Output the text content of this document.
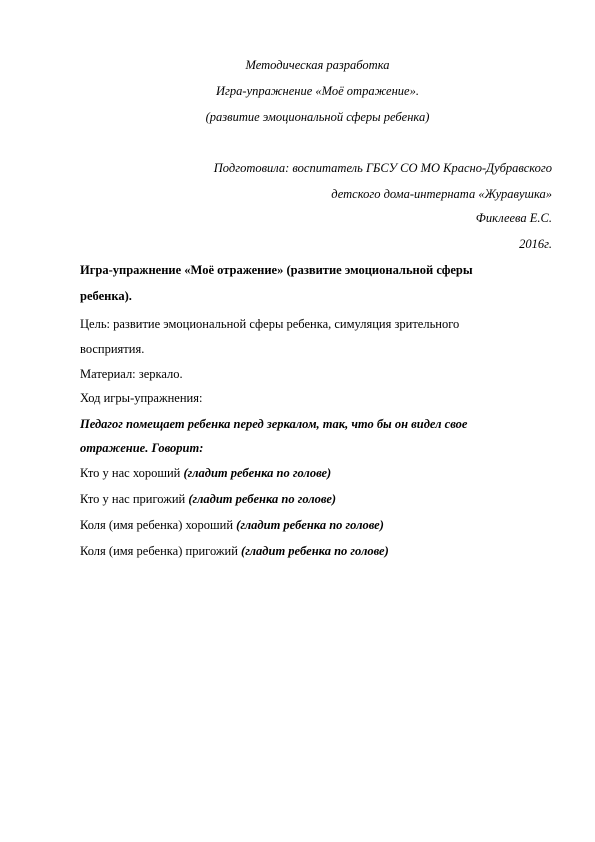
Методическая разработка
Игра-упражнение «Моё отражение».
(развитие эмоциональной сферы ребенка)
Подготовила: воспитатель ГБСУ СО МО Красно-Дубравского
детского дома-интерната «Журавушка»
Фиклеева Е.С.
2016г.
Игра-упражнение «Моё отражение» (развитие эмоциональной сферы
ребенка).
Цель: развитие эмоциональной сферы ребенка, симуляция зрительного
восприятия.
Материал: зеркало.
Ход игры-упражнения:
Педагог помещает ребенка перед зеркалом, так, что бы он видел свое
отражение. Говорит:
Кто у нас хороший (гладит ребенка по голове)
Кто у нас пригожий (гладит ребенка по голове)
Коля (имя ребенка) хороший (гладит ребенка по голове)
Коля (имя ребенка) пригожий (гладит ребенка по голове)
